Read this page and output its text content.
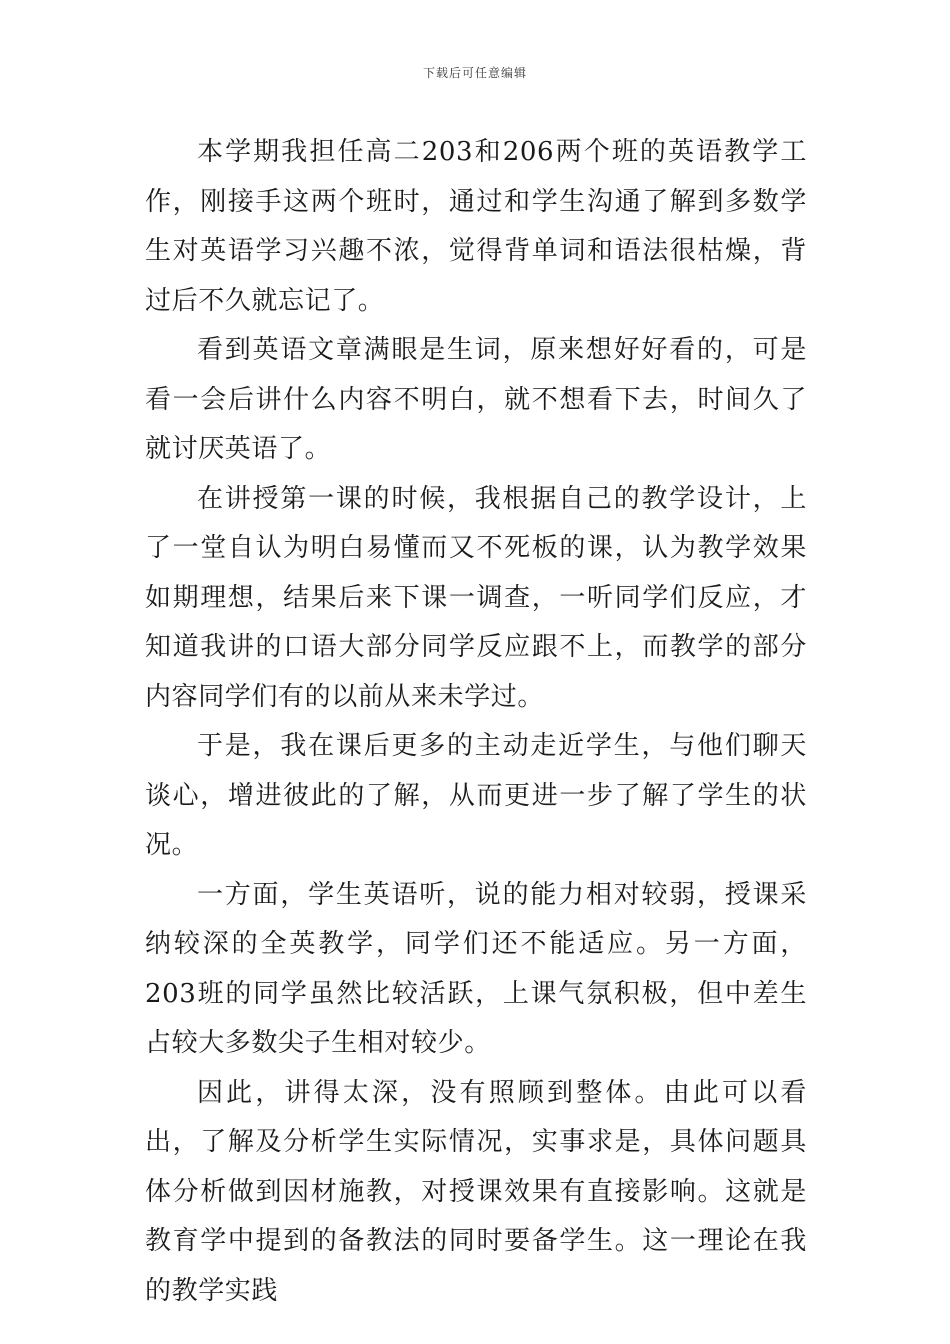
下载后可任意编辑

本学期我担任高二203和206两个班的英语教学工作，刚接手这两个班时，通过和学生沟通了解到多数学生对英语学习兴趣不浓，觉得背单词和语法很枯燥，背过后不久就忘记了。

看到英语文章满眼是生词，原来想好好看的，可是看一会后讲什么内容不明白，就不想看下去，时间久了就讨厌英语了。

在讲授第一课的时候，我根据自己的教学设计，上了一堂自认为明白易懂而又不死板的课，认为教学效果如期理想，结果后来下课一调查，一听同学们反应，才知道我讲的口语大部分同学反应跟不上，而教学的部分内容同学们有的以前从来未学过。

于是，我在课后更多的主动走近学生，与他们聊天谈心，增进彼此的了解，从而更进一步了解了学生的状况。

一方面，学生英语听，说的能力相对较弱，授课采纳较深的全英教学，同学们还不能适应。另一方面，203班的同学虽然比较活跃，上课气氛积极，但中差生占较大多数尖子生相对较少。

因此，讲得太深，没有照顾到整体。由此可以看出，了解及分析学生实际情况，实事求是，具体问题具体分析做到因材施教，对授课效果有直接影响。这就是教育学中提到的备教法的同时要备学生。这一理论在我的教学实践
